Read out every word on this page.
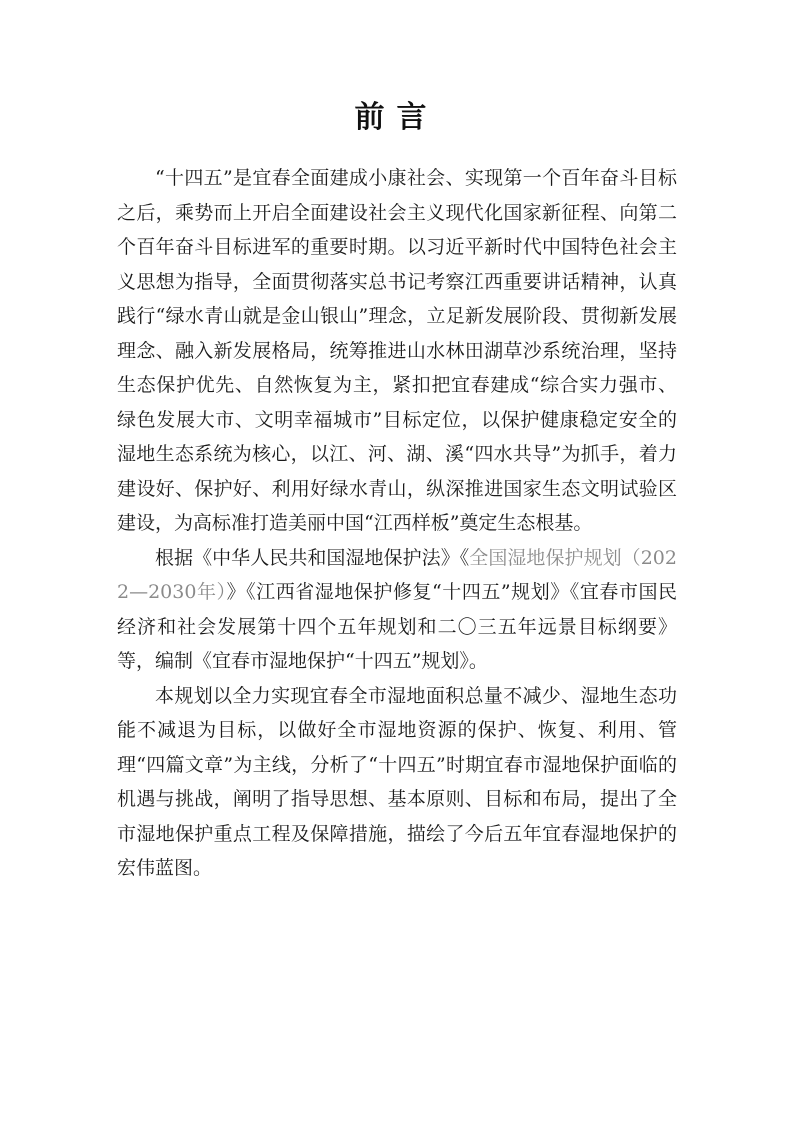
前言

“十四五”是宜春全面建成小康社会、实现第一个百年奋斗目标之后，乘势而上开启全面建设社会主义现代化国家新征程、向第二个百年奋斗目标进军的重要时期。以习近平新时代中国特色社会主义思想为指导，全面贯彻落实总书记考察江西重要讲话精神，认真践行“绿水青山就是金山银山”理念，立足新发展阶段、贯彻新发展理念、融入新发展格局，统筹推进山水林田湖草沙系统治理，坚持生态保护优先、自然恢复为主，紧扣把宜春建成“综合实力强市、绿色发展大市、文明幸福城市”目标定位，以保护健康稳定安全的湿地生态系统为核心，以江、河、湖、溪“四水共导”为抓手，着力建设好、保护好、利用好绿水青山，纵深推进国家生态文明试验区建设，为高标准打造美丽中国“江西样板”奠定生态根基。

根据《中华人民共和国湿地保护法》《全国湿地保护规划（2022—2030年）》《江西省湿地保护修复“十四五”规划》《宜春市国民经济和社会发展第十四个五年规划和二〇三五年远景目标纲要》等，编制《宜春市湿地保护“十四五”规划》。

本规划以全力实现宜春全市湿地面积总量不减少、湿地生态功能不减退为目标，以做好全市湿地资源的保护、恢复、利用、管理“四篇文章”为主线，分析了“十四五”时期宜春市湿地保护面临的机遇与挑战，阐明了指导思想、基本原则、目标和布局，提出了全市湿地保护重点工程及保障措施，描绘了今后五年宜春湿地保护的宏伟蓝图。
